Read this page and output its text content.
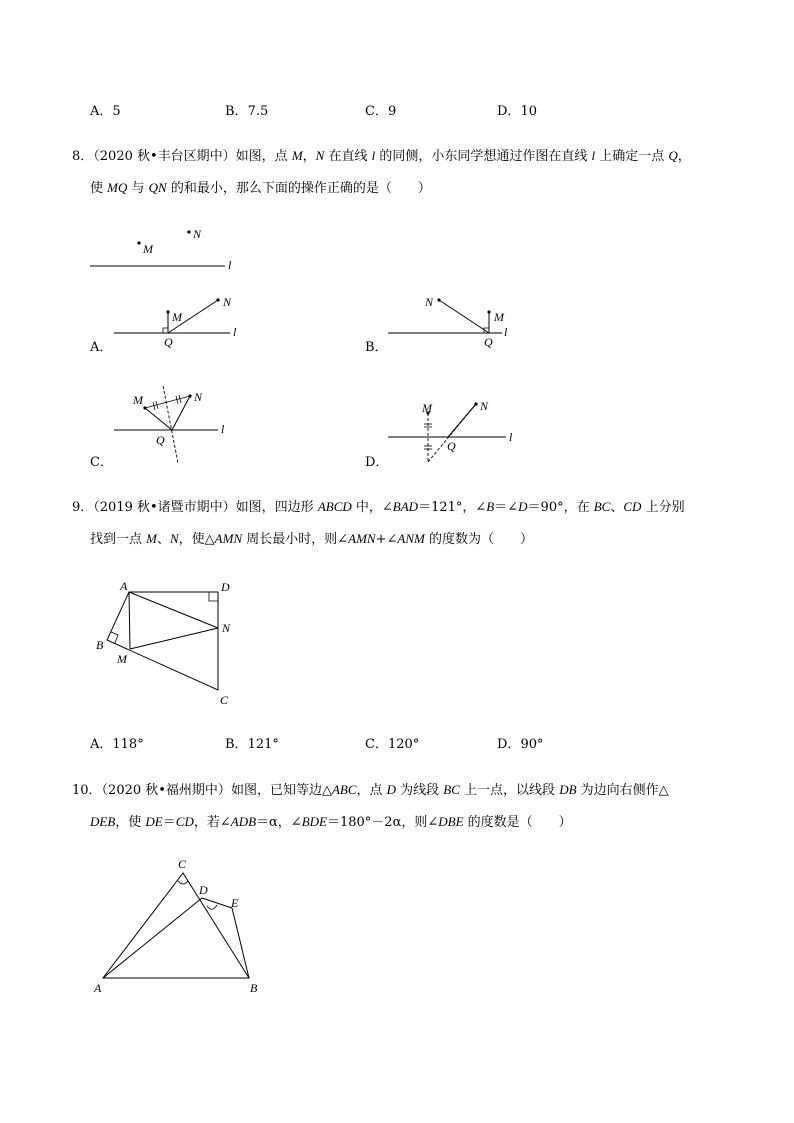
A．5	B．7.5	C．9	D．10
8．（2020 秋•丰台区期中）如图，点 M，N 在直线 l 的同侧，小东同学想通过作图在直线 l 上确定一点 Q，
使 MQ 与 QN 的和最小，那么下面的操作正确的是（　　）
M
N
l
M
N
Q
l
M
N
Q
l
M	N
Q
l
M	N
Q
l
A	D
N
B
M
C
C
D
E
A	B
A．	B．
C．	D．
9．（2019 秋•诸暨市期中）如图，四边形 ABCD 中，∠BAD＝121°，∠B＝∠D＝90°，在 BC、CD 上分别
找到一点 M、N，使△AMN 周长最小时，则∠AMN+∠ANM 的度数为（　　）
A．118°	B．121°	C．120°	D．90°
10．（2020 秋•福州期中）如图，已知等边△ABC，点 D 为线段 BC 上一点，以线段 DB 为边向右侧作△
DEB，使 DE＝CD，若∠ADB＝α，∠BDE＝180°－2α，则∠DBE 的度数是（　　）
